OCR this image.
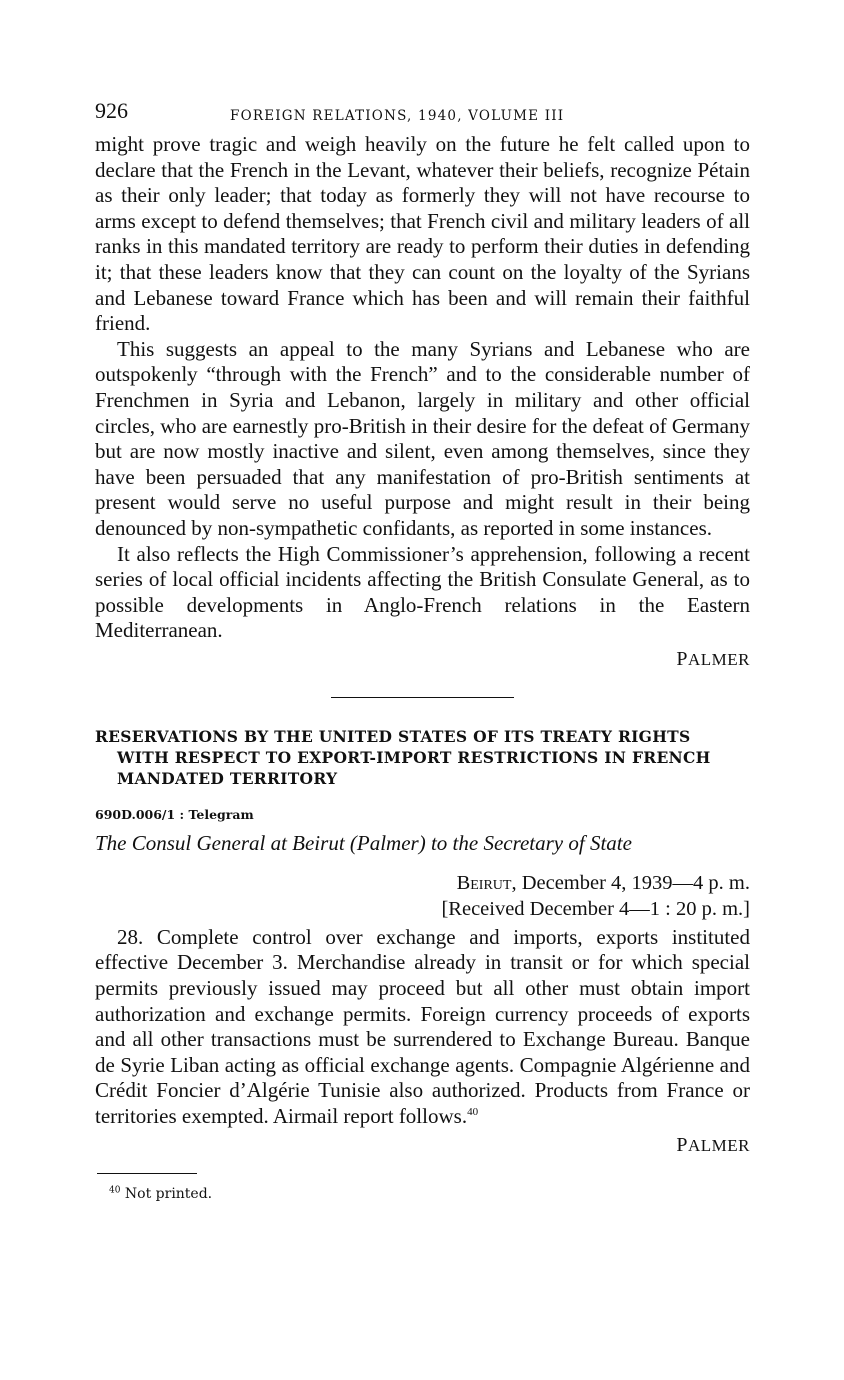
926	FOREIGN RELATIONS, 1940, VOLUME III

might prove tragic and weigh heavily on the future he felt called upon to declare that the French in the Levant, whatever their beliefs, recognize Pétain as their only leader; that today as formerly they will not have recourse to arms except to defend themselves; that French civil and military leaders of all ranks in this mandated territory are ready to perform their duties in defending it; that these leaders know that they can count on the loyalty of the Syrians and Lebanese toward France which has been and will remain their faithful friend.

This suggests an appeal to the many Syrians and Lebanese who are outspokenly “through with the French” and to the considerable number of Frenchmen in Syria and Lebanon, largely in military and other official circles, who are earnestly pro-British in their desire for the defeat of Germany but are now mostly inactive and silent, even among themselves, since they have been persuaded that any manifestation of pro-British sentiments at present would serve no useful purpose and might result in their being denounced by non-sympathetic confidants, as reported in some instances.

It also reflects the High Commissioner’s apprehension, following a recent series of local official incidents affecting the British Consulate General, as to possible developments in Anglo-French relations in the Eastern Mediterranean.

PALMER
RESERVATIONS BY THE UNITED STATES OF ITS TREATY RIGHTS
WITH RESPECT TO EXPORT-IMPORT RESTRICTIONS IN FRENCH
MANDATED TERRITORY
690D.006/1 : Telegram
The Consul General at Beirut (Palmer) to the Secretary of State
Beirut, December 4, 1939—4 p. m.
[Received December 4—1 : 20 p. m.]

28. Complete control over exchange and imports, exports instituted effective December 3. Merchandise already in transit or for which special permits previously issued may proceed but all other must obtain import authorization and exchange permits. Foreign currency proceeds of exports and all other transactions must be surrendered to Exchange Bureau. Banque de Syrie Liban acting as official exchange agents. Compagnie Algérienne and Crédit Foncier d’Algérie Tunisie also authorized. Products from France or territories exempted. Airmail report follows.$^{40}$

PALMER
$^{40}$ Not printed.
